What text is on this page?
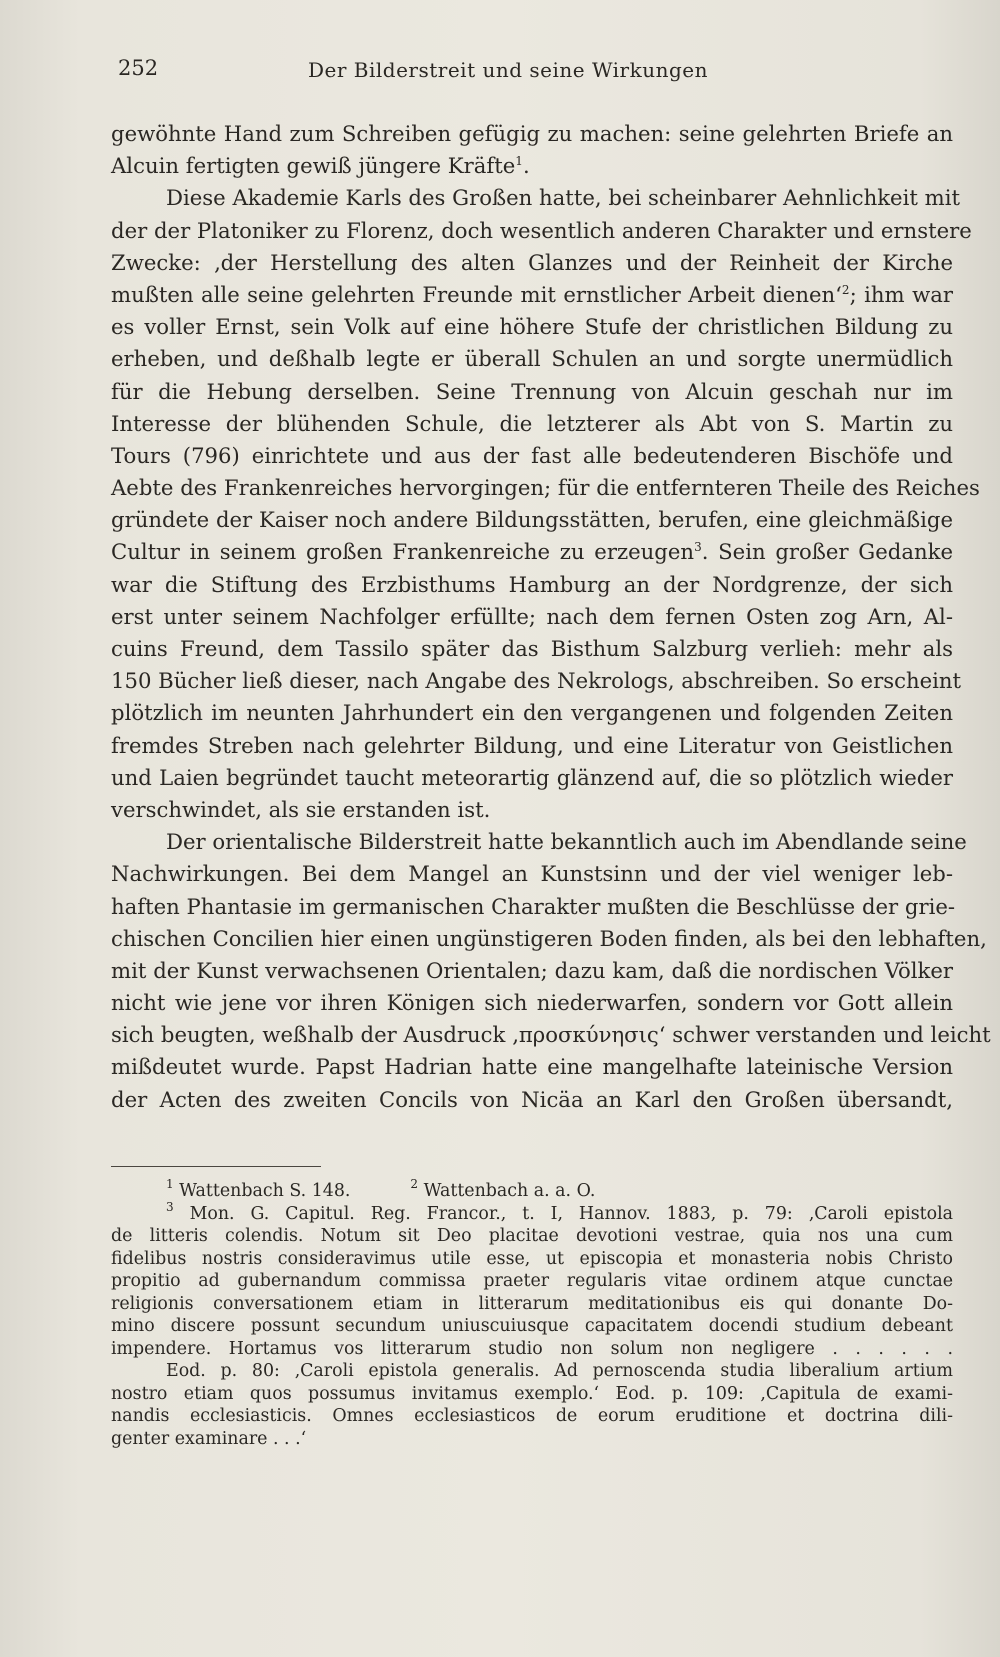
252	Der Bilderstreit und seine Wirkungen
gewöhnte Hand zum Schreiben gefügig zu machen: seine gelehrten Briefe an
Alcuin fertigten gewiß jüngere Kräfte$^1$.
Diese Akademie Karls des Großen hatte, bei scheinbarer Aehnlichkeit mit
der der Platoniker zu Florenz, doch wesentlich anderen Charakter und ernstere
Zwecke: ‚der Herstellung des alten Glanzes und der Reinheit der Kirche
mußten alle seine gelehrten Freunde mit ernstlicher Arbeit dienen‘$^2$; ihm war
es voller Ernst, sein Volk auf eine höhere Stufe der christlichen Bildung zu
erheben, und deßhalb legte er überall Schulen an und sorgte unermüdlich
für die Hebung derselben. Seine Trennung von Alcuin geschah nur im
Interesse der blühenden Schule, die letzterer als Abt von S. Martin zu
Tours (796) einrichtete und aus der fast alle bedeutenderen Bischöfe und
Aebte des Frankenreiches hervorgingen; für die entfernteren Theile des Reiches
gründete der Kaiser noch andere Bildungsstätten, berufen, eine gleichmäßige
Cultur in seinem großen Frankenreiche zu erzeugen$^3$. Sein großer Gedanke
war die Stiftung des Erzbisthums Hamburg an der Nordgrenze, der sich
erst unter seinem Nachfolger erfüllte; nach dem fernen Osten zog Arn, Al-
cuins Freund, dem Tassilo später das Bisthum Salzburg verlieh: mehr als
150 Bücher ließ dieser, nach Angabe des Nekrologs, abschreiben. So erscheint
plötzlich im neunten Jahrhundert ein den vergangenen und folgenden Zeiten
fremdes Streben nach gelehrter Bildung, und eine Literatur von Geistlichen
und Laien begründet taucht meteorartig glänzend auf, die so plötzlich wieder
verschwindet, als sie erstanden ist.
Der orientalische Bilderstreit hatte bekanntlich auch im Abendlande seine
Nachwirkungen. Bei dem Mangel an Kunstsinn und der viel weniger leb-
haften Phantasie im germanischen Charakter mußten die Beschlüsse der grie-
chischen Concilien hier einen ungünstigeren Boden finden, als bei den lebhaften,
mit der Kunst verwachsenen Orientalen; dazu kam, daß die nordischen Völker
nicht wie jene vor ihren Königen sich niederwarfen, sondern vor Gott allein
sich beugten, weßhalb der Ausdruck ‚προσκύνησις‘ schwer verstanden und leicht
mißdeutet wurde. Papst Hadrian hatte eine mangelhafte lateinische Version
der Acten des zweiten Concils von Nicäa an Karl den Großen übersandt,
$^1$ Wattenbach S. 148.	$^2$ Wattenbach a. a. O.
$^3$ Mon. G. Capitul. Reg. Francor., t. I, Hannov. 1883, p. 79: ‚Caroli epistola
de litteris colendis. Notum sit Deo placitae devotioni vestrae, quia nos una cum
fidelibus nostris consideravimus utile esse, ut episcopia et monasteria nobis Christo
propitio ad gubernandum commissa praeter regularis vitae ordinem atque cunctae
religionis conversationem etiam in litterarum meditationibus eis qui donante Do-
mino discere possunt secundum uniuscuiusque capacitatem docendi studium debeant
impendere. Hortamus vos litterarum studio non solum non negligere . . . . . .
Eod. p. 80: ‚Caroli epistola generalis. Ad pernoscenda studia liberalium artium
nostro etiam quos possumus invitamus exemplo.‘ Eod. p. 109: ‚Capitula de exami-
nandis ecclesiasticis. Omnes ecclesiasticos de eorum eruditione et doctrina dili-
genter examinare . . .‘
